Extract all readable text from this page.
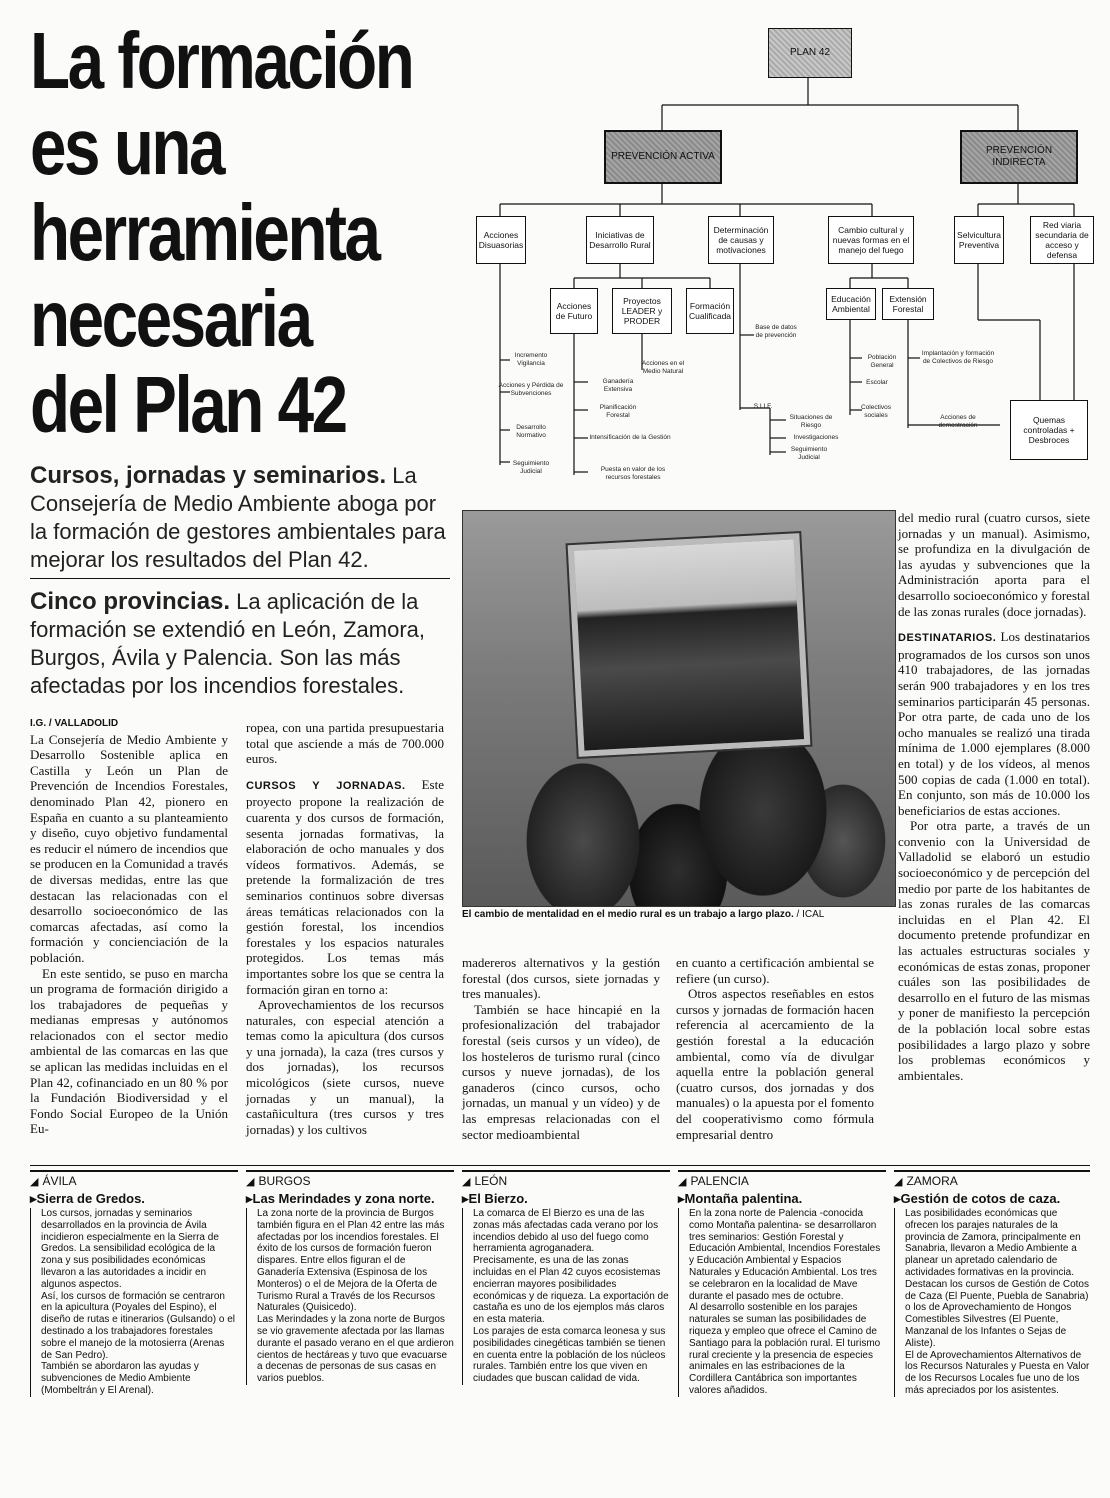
La formación
es una
herramienta
necesaria
del Plan 42
Cursos, jornadas y seminarios. La Consejería de Medio Ambiente aboga por la formación de gestores ambientales para mejorar los resultados del Plan 42.
Cinco provincias. La aplicación de la formación se extendió en León, Zamora, Burgos, Ávila y Palencia. Son las más afectadas por los incendios forestales.
I.G. / VALLADOLID

La Consejería de Medio Ambiente y Desarrollo Sostenible aplica en Castilla y León un Plan de Prevención de Incendios Forestales, denominado Plan 42, pionero en España en cuanto a su planteamiento y diseño, cuyo objetivo fundamental es reducir el número de incendios que se producen en la Comunidad a través de diversas medidas, entre las que destacan las relacionadas con el desarrollo socioeconómico de las comarcas afectadas, así como la formación y concienciación de la población.

En este sentido, se puso en marcha un programa de formación dirigido a los trabajadores de pequeñas y medianas empresas y autónomos relacionados con el sector medio ambiental de las comarcas en las que se aplican las medidas incluidas en el Plan 42, cofinanciado en un 80 % por la Fundación Biodiversidad y el Fondo Social Europeo de la Unión Eu-

ropea, con una partida presupuestaria total que asciende a más de 700.000 euros.

CURSOS Y JORNADAS. Este proyecto propone la realización de cuarenta y dos cursos de formación, sesenta jornadas formativas, la elaboración de ocho manuales y dos vídeos formativos. Además, se pretende la formalización de tres seminarios continuos sobre diversas áreas temáticas relacionados con la gestión forestal, los incendios forestales y los espacios naturales protegidos. Los temas más importantes sobre los que se centra la formación giran en torno a:

Aprovechamientos de los recursos naturales, con especial atención a temas como la apicultura (dos cursos y una jornada), la caza (tres cursos y dos jornadas), los recursos micológicos (siete cursos, nueve jornadas y un manual), la castañicultura (tres cursos y tres jornadas) y los cultivos

El cambio de mentalidad en el medio rural es un trabajo a largo plazo. / ICAL

madereros alternativos y la gestión forestal (dos cursos, siete jornadas y tres manuales).

También se hace hincapié en la profesionalización del trabajador forestal (seis cursos y un vídeo), de los hosteleros de turismo rural (cinco cursos y nueve jornadas), de los ganaderos (cinco cursos, ocho jornadas, un manual y un vídeo) y de las empresas relacionadas con el sector medioambiental

en cuanto a certificación ambiental se refiere (un curso).

Otros aspectos reseñables en estos cursos y jornadas de formación hacen referencia al acercamiento de la gestión forestal a la educación ambiental, como vía de divulgar aquella entre la población general (cuatro cursos, dos jornadas y dos manuales) o la apuesta por el fomento del cooperativismo como fórmula empresarial dentro

del medio rural (cuatro cursos, siete jornadas y un manual). Asimismo, se profundiza en la divulgación de las ayudas y subvenciones que la Administración aporta para el desarrollo socioeconómico y forestal de las zonas rurales (doce jornadas).

DESTINATARIOS. Los destinatarios programados de los cursos son unos 410 trabajadores, de las jornadas serán 900 trabajadores y en los tres seminarios participarán 45 personas. Por otra parte, de cada uno de los ocho manuales se realizó una tirada mínima de 1.000 ejemplares (8.000 en total) y de los vídeos, al menos 500 copias de cada (1.000 en total). En conjunto, son más de 10.000 los beneficiarios de estas acciones.

Por otra parte, a través de un convenio con la Universidad de Valladolid se elaboró un estudio socioeconómico y de percepción del medio por parte de los habitantes de las zonas rurales de las comarcas incluidas en el Plan 42. El documento pretende profundizar en las actuales estructuras sociales y económicas de estas zonas, proponer cuáles son las posibilidades de desarrollo en el futuro de las mismas y poner de manifiesto la percepción de la población local sobre estas posibilidades a largo plazo y sobre los problemas económicos y ambientales.

PLAN 42
PREVENCIÓN ACTIVA
PREVENCIÓN INDIRECTA
Acciones Disuasorias
Iniciativas de Desarrollo Rural
Determinación de causas y motivaciones
Cambio cultural y nuevas formas en el manejo del fuego
Selvicultura Preventiva
Red viaria secundaria de acceso y defensa
Acciones de Futuro
Proyectos LEADER y PRODER
Formación Cualificada
Educación Ambiental
Extensión Forestal
Quemas controladas + Desbroces
Incremento Vigilancia
Acciones y Pérdida de Subvenciones
Desarrollo Normativo
Seguimiento Judicial
Ganadería Extensiva
Planificación Forestal
Intensificación de la Gestión
Puesta en valor de los recursos forestales
Acciones en el Medio Natural
Base de datos de prevención
S.I.I.F.
Situaciones de Riesgo
Investigaciones
Seguimiento Judicial
Población General
Escolar
Colectivos sociales
Implantación y formación de Colectivos de Riesgo
Acciones de demostración
◢ ÁVILA
▸Sierra de Gredos.

Los cursos, jornadas y seminarios desarrollados en la provincia de Ávila incidieron especialmente en la Sierra de Gredos. La sensibilidad ecológica de la zona y sus posibilidades económicas llevaron a las autoridades a incidir en algunos aspectos.

Así, los cursos de formación se centraron en la apicultura (Poyales del Espino), el diseño de rutas e itinerarios (Gulsando) o el destinado a los trabajadores forestales sobre el manejo de la motosierra (Arenas de San Pedro).

También se abordaron las ayudas y subvenciones de Medio Ambiente (Mombeltrán y El Arenal).

◢ BURGOS
▸Las Merindades y zona norte.

La zona norte de la provincia de Burgos también figura en el Plan 42 entre las más afectadas por los incendios forestales. El éxito de los cursos de formación fueron dispares. Entre ellos figuran el de Ganadería Extensiva (Espinosa de los Monteros) o el de Mejora de la Oferta de Turismo Rural a Través de los Recursos Naturales (Quisicedo).

Las Merindades y la zona norte de Burgos se vio gravemente afectada por las llamas durante el pasado verano en el que ardieron cientos de hectáreas y tuvo que evacuarse a decenas de personas de sus casas en varios pueblos.

◢ LEÓN
▸El Bierzo.

La comarca de El Bierzo es una de las zonas más afectadas cada verano por los incendios debido al uso del fuego como herramienta agroganadera.

Precisamente, es una de las zonas incluidas en el Plan 42 cuyos ecosistemas encierran mayores posibilidades económicas y de riqueza. La exportación de castaña es uno de los ejemplos más claros en esta materia.

Los parajes de esta comarca leonesa y sus posibilidades cinegéticas también se tienen en cuenta entre la población de los núcleos rurales. También entre los que viven en ciudades que buscan calidad de vida.

◢ PALENCIA
▸Montaña palentina.

En la zona norte de Palencia -conocida como Montaña palentina- se desarrollaron tres seminarios: Gestión Forestal y Educación Ambiental, Incendios Forestales y Educación Ambiental y Espacios Naturales y Educación Ambiental. Los tres se celebraron en la localidad de Mave durante el pasado mes de octubre.

Al desarrollo sostenible en los parajes naturales se suman las posibilidades de riqueza y empleo que ofrece el Camino de Santiago para la población rural. El turismo rural creciente y la presencia de especies animales en las estribaciones de la Cordillera Cantábrica son importantes valores añadidos.

◢ ZAMORA
▸Gestión de cotos de caza.

Las posibilidades económicas que ofrecen los parajes naturales de la provincia de Zamora, principalmente en Sanabria, llevaron a Medio Ambiente a planear un apretado calendario de actividades formativas en la provincia.

Destacan los cursos de Gestión de Cotos de Caza (El Puente, Puebla de Sanabria) o los de Aprovechamiento de Hongos Comestibles Silvestres (El Puente, Manzanal de los Infantes o Sejas de Aliste).

El de Aprovechamientos Alternativos de los Recursos Naturales y Puesta en Valor de los Recursos Locales fue uno de los más apreciados por los asistentes.
